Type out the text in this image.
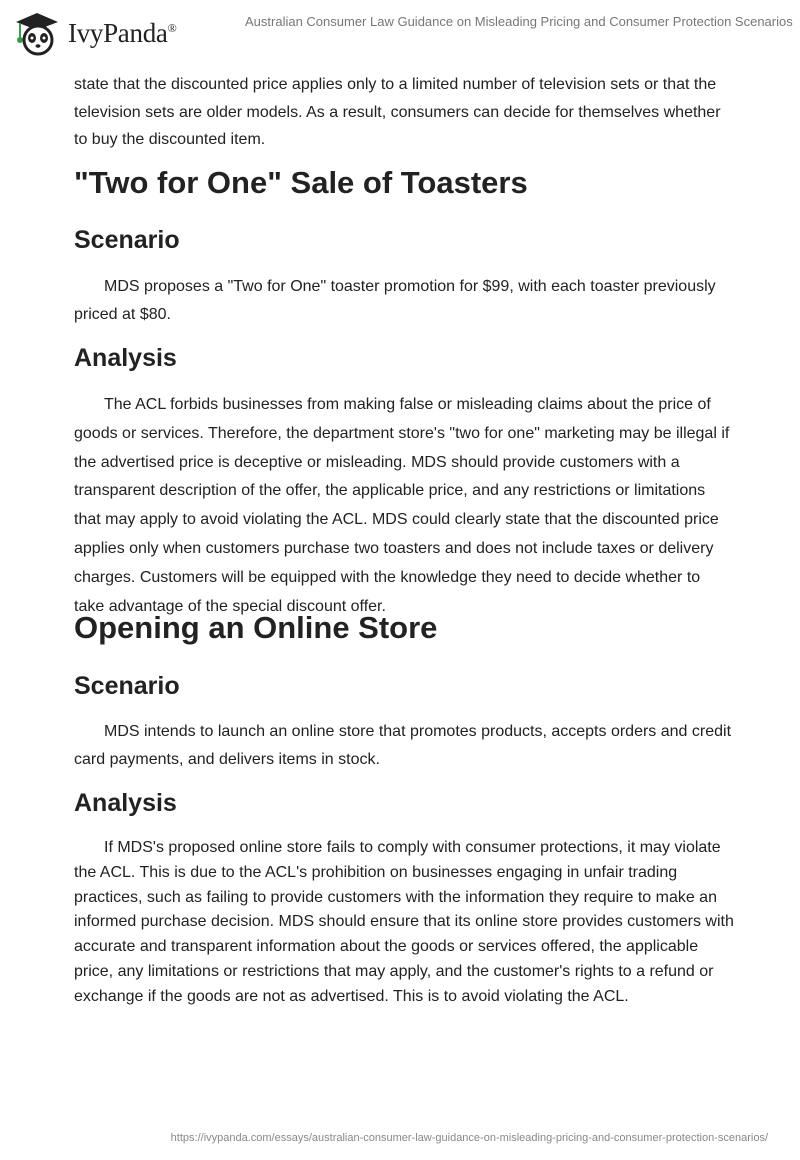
IvyPanda®	Australian Consumer Law Guidance on Misleading Pricing and Consumer Protection Scenarios

state that the discounted price applies only to a limited number of television sets or that the television sets are older models. As a result, consumers can decide for themselves whether to buy the discounted item.

"Two for One" Sale of Toasters
Scenario

MDS proposes a "Two for One" toaster promotion for $99, with each toaster previously priced at $80.

Analysis

The ACL forbids businesses from making false or misleading claims about the price of goods or services. Therefore, the department store's "two for one" marketing may be illegal if the advertised price is deceptive or misleading. MDS should provide customers with a transparent description of the offer, the applicable price, and any restrictions or limitations that may apply to avoid violating the ACL. MDS could clearly state that the discounted price applies only when customers purchase two toasters and does not include taxes or delivery charges. Customers will be equipped with the knowledge they need to decide whether to take advantage of the special discount offer.

Opening an Online Store
Scenario

MDS intends to launch an online store that promotes products, accepts orders and credit card payments, and delivers items in stock.

Analysis

If MDS's proposed online store fails to comply with consumer protections, it may violate the ACL. This is due to the ACL's prohibition on businesses engaging in unfair trading practices, such as failing to provide customers with the information they require to make an informed purchase decision. MDS should ensure that its online store provides customers with accurate and transparent information about the goods or services offered, the applicable price, any limitations or restrictions that may apply, and the customer's rights to a refund or exchange if the goods are not as advertised. This is to avoid violating the ACL.

https://ivypanda.com/essays/australian-consumer-law-guidance-on-misleading-pricing-and-consumer-protection-scenarios/
